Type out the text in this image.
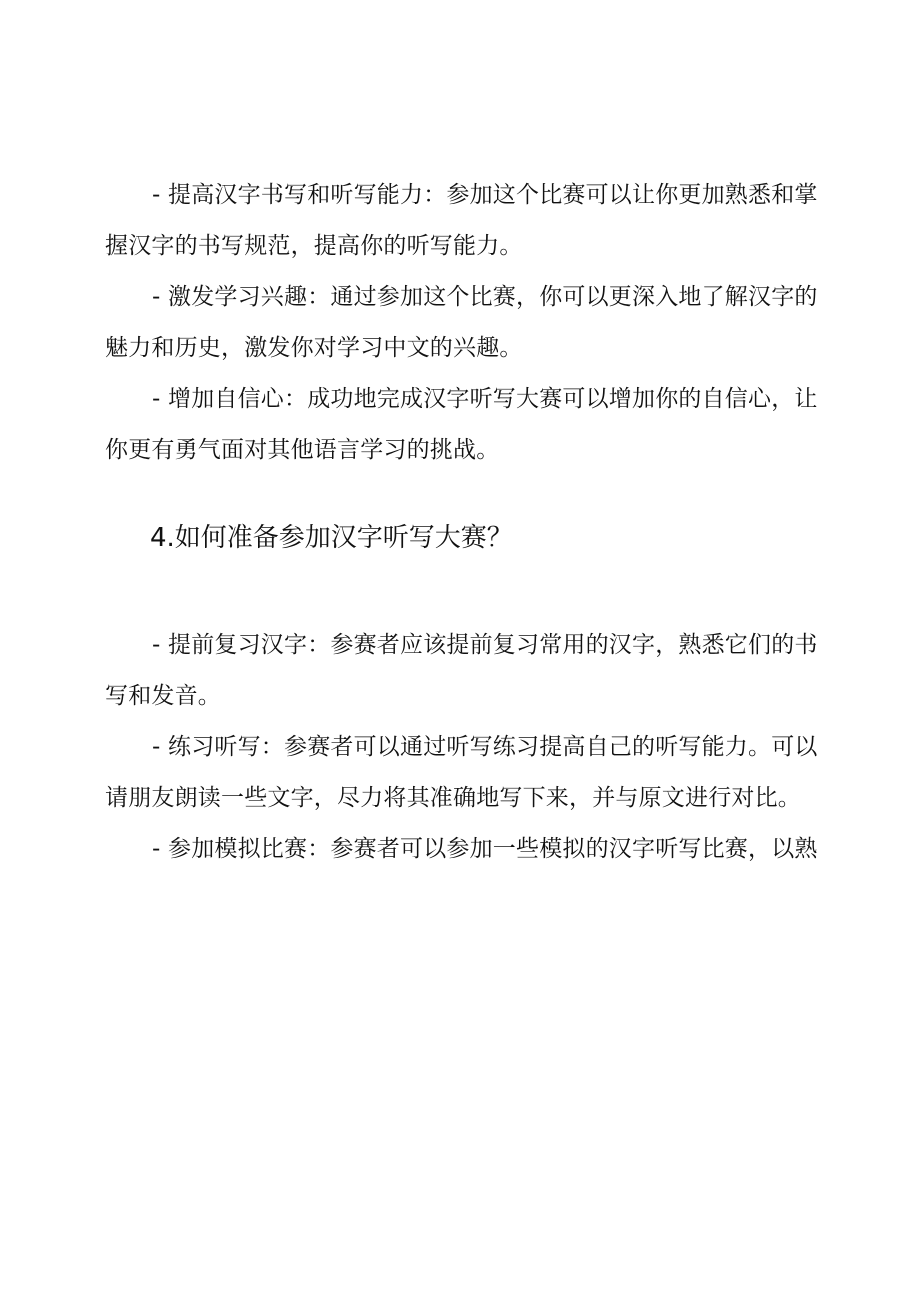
- 提高汉字书写和听写能力：参加这个比赛可以让你更加熟悉和掌握汉字的书写规范，提高你的听写能力。

- 激发学习兴趣：通过参加这个比赛，你可以更深入地了解汉字的魅力和历史，激发你对学习中文的兴趣。

- 增加自信心：成功地完成汉字听写大赛可以增加你的自信心，让你更有勇气面对其他语言学习的挑战。

4.如何准备参加汉字听写大赛？

- 提前复习汉字：参赛者应该提前复习常用的汉字，熟悉它们的书写和发音。

- 练习听写：参赛者可以通过听写练习提高自己的听写能力。可以请朋友朗读一些文字，尽力将其准确地写下来，并与原文进行对比。

- 参加模拟比赛：参赛者可以参加一些模拟的汉字听写比赛，以熟
